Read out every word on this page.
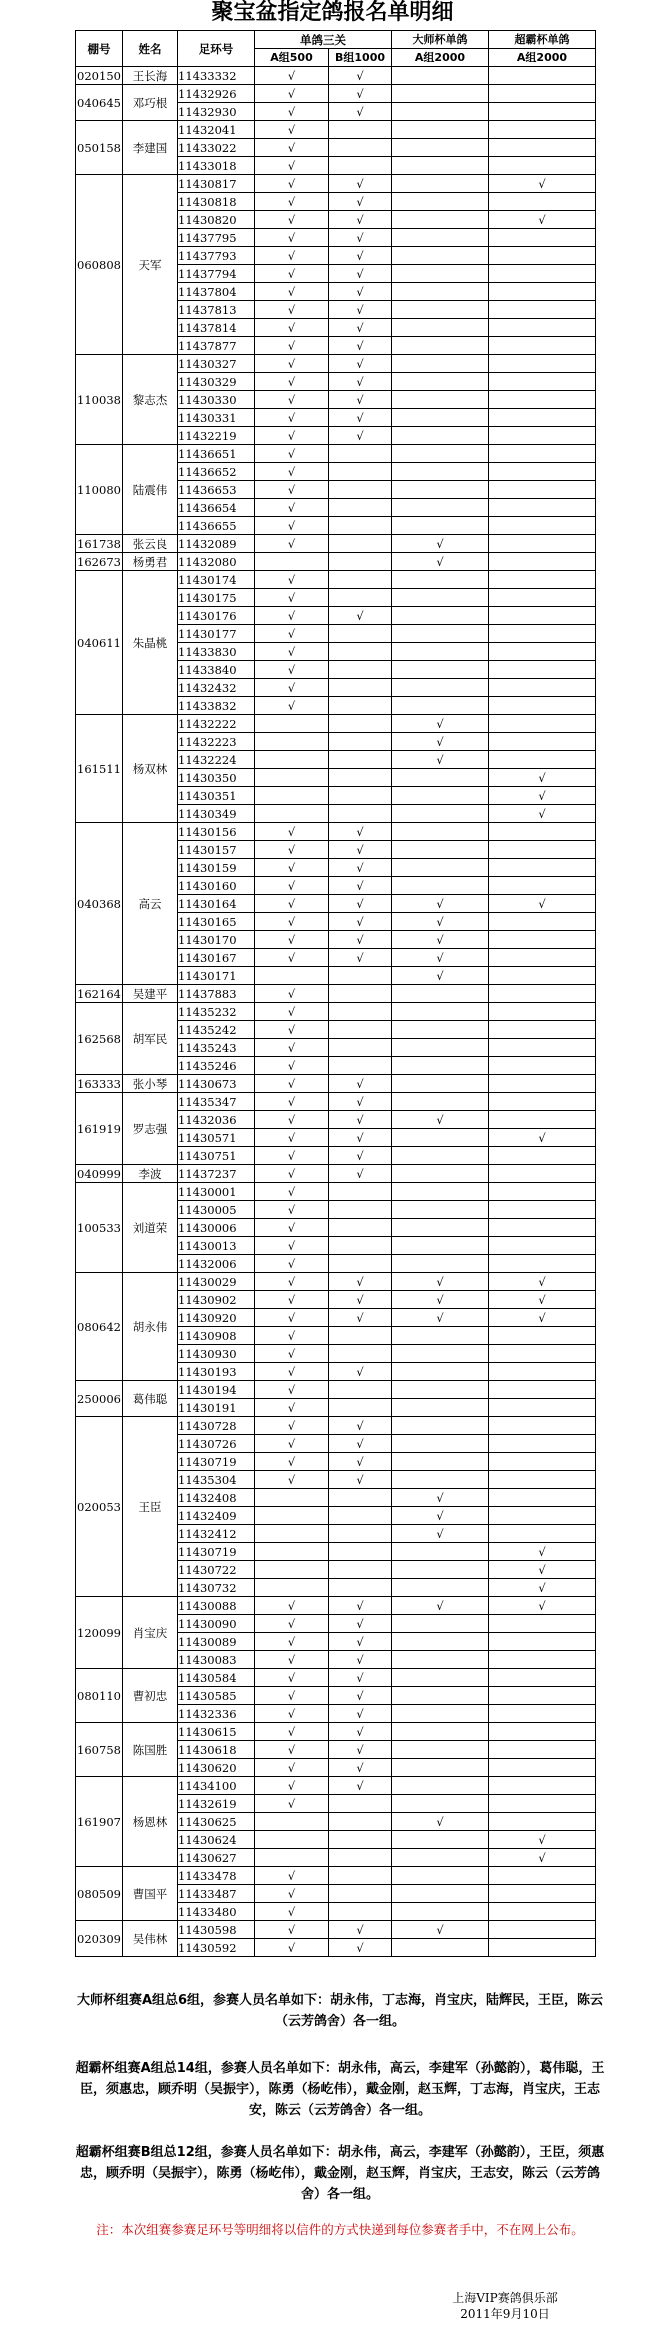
聚宝盆指定鸽报名单明细
棚号	姓名	足环号	单鸽三关		大师杯单鸽	超霸杯单鸽
			A组500	B组1000	A组2000	A组2000
020150	王长海	11433332	√	√		
040645	邓巧根	11432926	√	√		
		11432930	√	√		
050158	李建国	11432041	√			
		11433022	√			
		11433018	√			
060808	天军	11430817	√	√		√
		11430818	√	√		
		11430820	√	√		√
		11437795	√	√		
		11437793	√	√		
		11437794	√	√		
		11437804	√	√		
		11437813	√	√		
		11437814	√	√		
		11437877	√	√		
110038	黎志杰	11430327	√	√		
		11430329	√	√		
		11430330	√	√		
		11430331	√	√		
		11432219	√	√		
110080	陆震伟	11436651	√			
		11436652	√			
		11436653	√			
		11436654	√			
		11436655	√			
161738	张云良	11432089	√		√	
162673	杨勇君	11432080			√	
040611	朱晶桃	11430174	√			
		11430175	√			
		11430176	√	√		
		11430177	√			
		11433830	√			
		11433840	√			
		11432432	√			
		11433832	√			
161511	杨双林	11432222			√	
		11432223			√	
		11432224			√	
		11430350				√
		11430351				√
		11430349				√
040368	高云	11430156	√	√		
		11430157	√	√		
		11430159	√	√		
		11430160	√	√		
		11430164	√	√	√	√
		11430165	√	√	√	
		11430170	√	√	√	
		11430167	√	√	√	
		11430171			√	
162164	吴建平	11437883	√			
162568	胡军民	11435232	√			
		11435242	√			
		11435243	√			
		11435246	√			
163333	张小琴	11430673	√	√		
161919	罗志强	11435347	√	√		
		11432036	√	√	√	
		11430571	√	√		√
		11430751	√	√		
040999	李波	11437237	√	√		
100533	刘道荣	11430001	√			
		11430005	√			
		11430006	√			
		11430013	√			
		11432006	√			
080642	胡永伟	11430029	√	√	√	√
		11430902	√	√	√	√
		11430920	√	√	√	√
		11430908	√			
		11430930	√			
		11430193	√	√		
250006	葛伟聪	11430194	√			
		11430191	√			
020053	王臣	11430728	√	√		
		11430726	√	√		
		11430719	√	√		
		11435304	√	√		
		11432408			√	
		11432409			√	
		11432412			√	
		11430719				√
		11430722				√
		11430732				√
120099	肖宝庆	11430088	√	√	√	√
		11430090	√	√		
		11430089	√	√		
		11430083	√	√		
080110	曹初忠	11430584	√	√		
		11430585	√	√		
		11432336	√	√		
160758	陈国胜	11430615	√	√		
		11430618	√	√		
		11430620	√	√		
161907	杨恩林	11434100	√	√		
		11432619	√			
		11430625			√	
		11430624				√
		11430627				√
080509	曹国平	11433478	√			
		11433487	√			
		11433480	√			
020309	吴伟林	11430598	√	√	√	
		11430592	√	√		
大师杯组赛A组总6组，参赛人员名单如下：胡永伟，丁志海，肖宝庆，陆辉民，王臣，陈云（云芳鸽舍）各一组。
超霸杯组赛A组总14组，参赛人员名单如下：胡永伟，高云，李建军（孙懿韵），葛伟聪，王臣，须惠忠，顾乔明（吴振宇），陈勇（杨屹伟），戴金刚，赵玉辉，丁志海，肖宝庆，王志安，陈云（云芳鸽舍）各一组。
超霸杯组赛B组总12组，参赛人员名单如下：胡永伟，高云，李建军（孙懿韵），王臣，须惠忠，顾乔明（吴振宇），陈勇（杨屹伟），戴金刚，赵玉辉，肖宝庆，王志安，陈云（云芳鸽舍）各一组。
注：本次组赛参赛足环号等明细将以信件的方式快递到每位参赛者手中，不在网上公布。
上海VIP赛鸽俱乐部
2011年9月10日
